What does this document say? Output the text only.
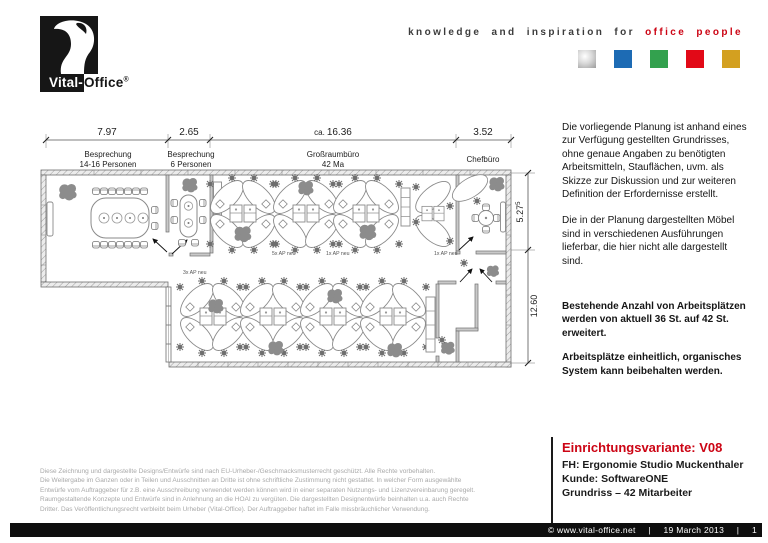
Vital- Office®
knowledge and inspiration for office people
7.97	2.65	ca. 16.36	3.52
Besprechung
14-16 Personen
Besprechung
6 Personen
Großraumbüro
42 Ma
Chefbüro
5.27$^5$
12.60
3x AP neu
5x AP neu	1x AP neu	1x AP neu

Die vorliegende Planung ist anhand eines zur Verfügung gestellten Grundrisses, ohne genaue Angaben zu benötigten Arbeitsmitteln, Stauflächen, uvm. als Skizze zur Diskussion und zur weiteren Definition der Erfordernisse erstellt.

Die in der Planung dargestellten Möbel sind in verschiedenen Ausführungen lieferbar, die hier nicht alle dargestellt sind.

Bestehende Anzahl von Arbeitsplätzen werden von aktuell 36 St. auf 42 St. erweitert.

Arbeitsplätze einheitlich, organisches System kann beibehalten werden.

Einrichtungsvariante: V08
FH: Ergonomie Studio Muckenthaler
Kunde: SoftwareONE
Grundriss – 42 Mitarbeiter
Diese Zeichnung und dargestellte Designs/Entwürfe sind nach EU-Urheber-/Geschmacksmusterrecht geschützt. Alle Rechte vorbehalten.
Die Weitergabe im Ganzen oder in Teilen und Ausschnitten an Dritte ist ohne schriftliche Zustimmung nicht gestattet. In welcher Form ausgewählte
Entwürfe vom Auftraggeber für z.B. eine Ausschreibung verwendet werden können wird in einer separaten Nutzungs- und Lizenzvereinbarung geregelt.
Raumgestaltende Konzepte und Entwürfe sind in Anlehnung an die HOAI zu vergüten. Die dargestellten Designentwürfe beinhalten u.a. auch Rechte
Dritter. Das Veröffentlichungsrecht verbleibt beim Urheber (Vital-Office). Der Auftraggeber haftet im Falle missbräuchlicher Verwendung.
© www.vital-office.net | 19 March 2013 | 1
